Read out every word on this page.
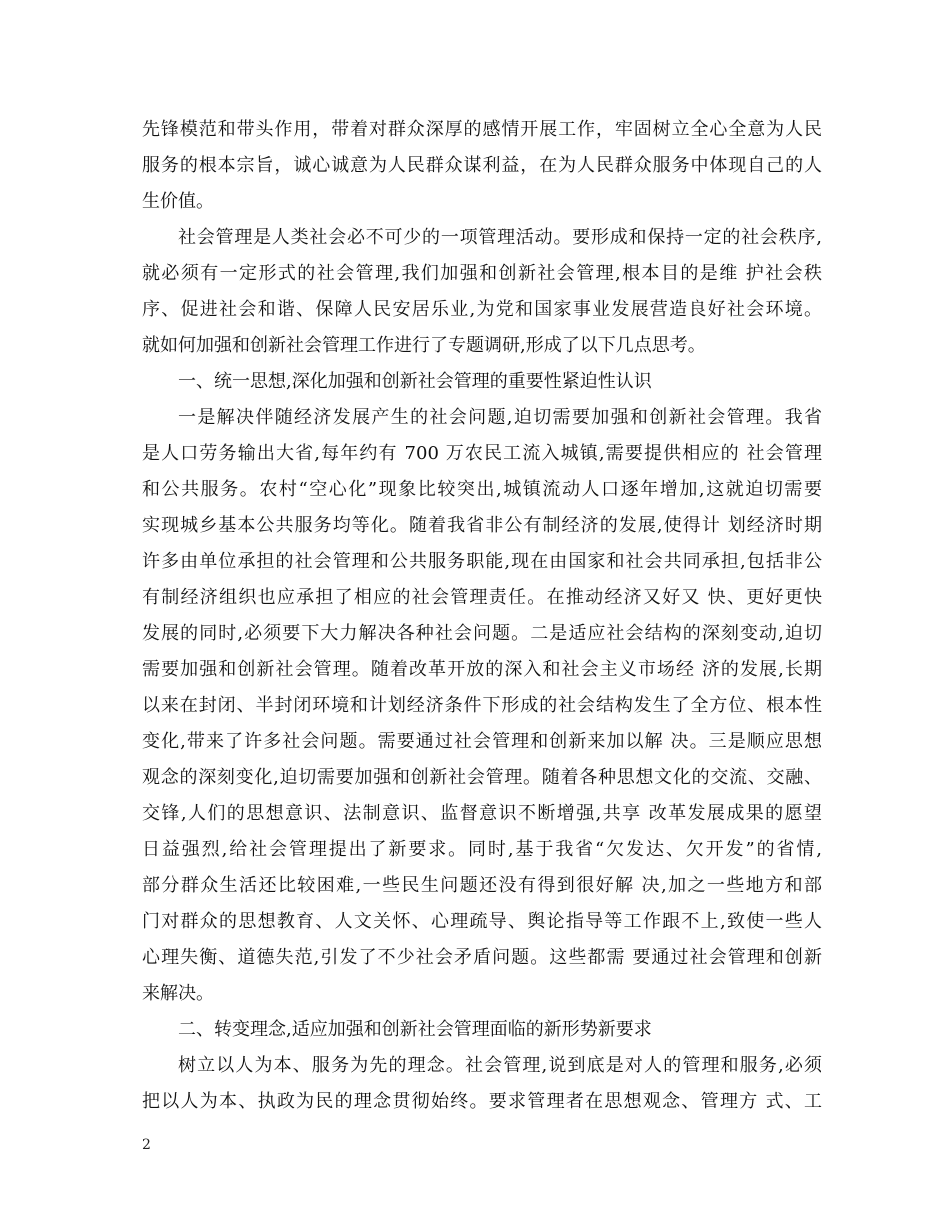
先锋模范和带头作用，带着对群众深厚的感情开展工作，牢固树立全心全意为人民
服务的根本宗旨，诚心诚意为人民群众谋利益，在为人民群众服务中体现自己的人
生价值。
社会管理是人类社会必不可少的一项管理活动。要形成和保持一定的社会秩序,
就必须有一定形式的社会管理,我们加强和创新社会管理,根本目的是维 护社会秩
序、促进社会和谐、保障人民安居乐业,为党和国家事业发展营造良好社会环境。
就如何加强和创新社会管理工作进行了专题调研,形成了以下几点思考。
一、统一思想,深化加强和创新社会管理的重要性紧迫性认识
一是解决伴随经济发展产生的社会问题,迫切需要加强和创新社会管理。我省
是人口劳务输出大省,每年约有 700 万农民工流入城镇,需要提供相应的 社会管理
和公共服务。农村“空心化”现象比较突出,城镇流动人口逐年增加,这就迫切需要
实现城乡基本公共服务均等化。随着我省非公有制经济的发展,使得计 划经济时期
许多由单位承担的社会管理和公共服务职能,现在由国家和社会共同承担,包括非公
有制经济组织也应承担了相应的社会管理责任。在推动经济又好又 快、更好更快
发展的同时,必须要下大力解决各种社会问题。二是适应社会结构的深刻变动,迫切
需要加强和创新社会管理。随着改革开放的深入和社会主义市场经 济的发展,长期
以来在封闭、半封闭环境和计划经济条件下形成的社会结构发生了全方位、根本性
变化,带来了许多社会问题。需要通过社会管理和创新来加以解 决。三是顺应思想
观念的深刻变化,迫切需要加强和创新社会管理。随着各种思想文化的交流、交融、
交锋,人们的思想意识、法制意识、监督意识不断增强,共享 改革发展成果的愿望
日益强烈,给社会管理提出了新要求。同时,基于我省“欠发达、欠开发”的省情,
部分群众生活还比较困难,一些民生问题还没有得到很好解 决,加之一些地方和部
门对群众的思想教育、人文关怀、心理疏导、舆论指导等工作跟不上,致使一些人
心理失衡、道德失范,引发了不少社会矛盾问题。这些都需 要通过社会管理和创新
来解决。
二、转变理念,适应加强和创新社会管理面临的新形势新要求
树立以人为本、服务为先的理念。社会管理,说到底是对人的管理和服务,必须
把以人为本、执政为民的理念贯彻始终。要求管理者在思想观念、管理方 式、工
2
